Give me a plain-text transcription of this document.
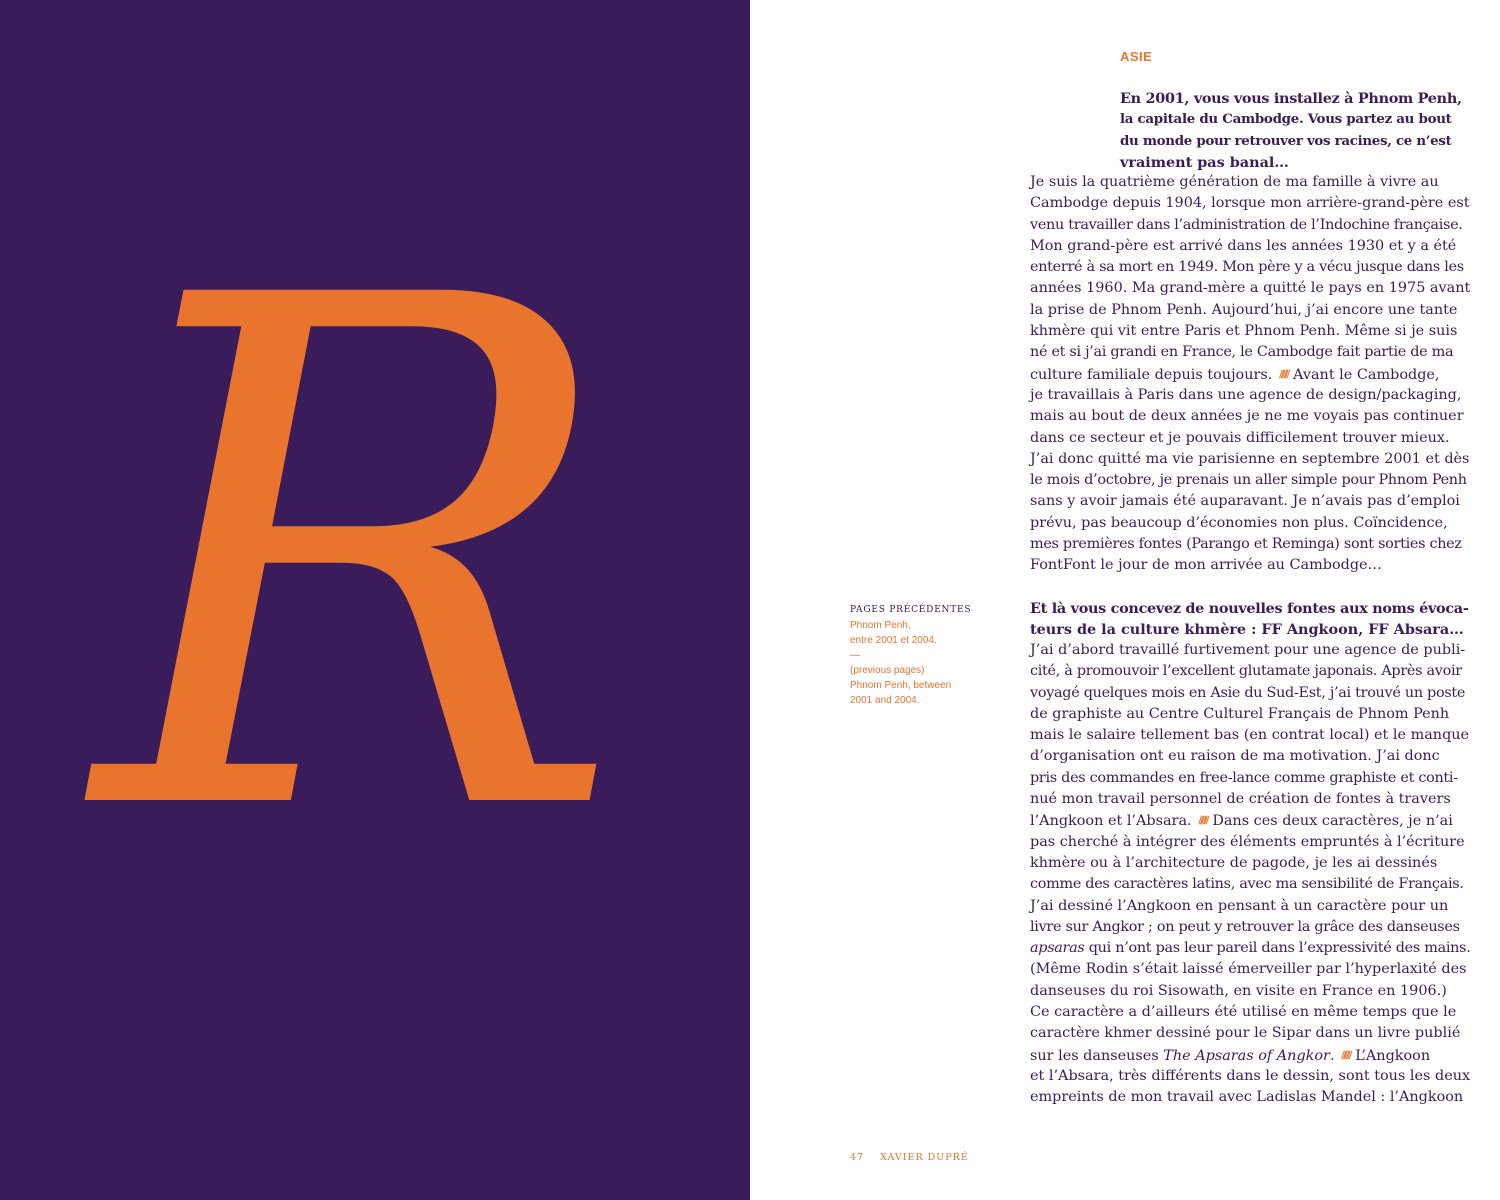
R
ASIE
En 2001, vous vous installez à Phnom Penh,
la capitale du Cambodge. Vous partez au bout
du monde pour retrouver vos racines, ce n’est
vraiment pas banal…
Je suis la quatrième génération de ma famille à vivre au
Cambodge depuis 1904, lorsque mon arrière-grand-père est
venu travailler dans l’administration de l’Indochine française.
Mon grand-père est arrivé dans les années 1930 et y a été
enterré à sa mort en 1949. Mon père y a vécu jusque dans les
années 1960. Ma grand-mère a quitté le pays en 1975 avant
la prise de Phnom Penh. Aujourd’hui, j’ai encore une tante
khmère qui vit entre Paris et Phnom Penh. Même si je suis
né et si j’ai grandi en France, le Cambodge fait partie de ma
culture familiale depuis toujours. ⫽⫽⫽ Avant le Cambodge,
je travaillais à Paris dans une agence de design/packaging,
mais au bout de deux années je ne me voyais pas continuer
dans ce secteur et je pouvais difficilement trouver mieux.
J’ai donc quitté ma vie parisienne en septembre 2001 et dès
le mois d’octobre, je prenais un aller simple pour Phnom Penh
sans y avoir jamais été auparavant. Je n’avais pas d’emploi
prévu, pas beaucoup d’économies non plus. Coïncidence,
mes premières fontes (Parango et Reminga) sont sorties chez
FontFont le jour de mon arrivée au Cambodge…
Et là vous concevez de nouvelles fontes aux noms évoca-
teurs de la culture khmère : FF Angkoon, FF Absara…
J’ai d’abord travaillé furtivement pour une agence de publi-
cité, à promouvoir l’excellent glutamate japonais. Après avoir
voyagé quelques mois en Asie du Sud-Est, j’ai trouvé un poste
de graphiste au Centre Culturel Français de Phnom Penh
mais le salaire tellement bas (en contrat local) et le manque
d’organisation ont eu raison de ma motivation. J’ai donc
pris des commandes en free-lance comme graphiste et conti-
nué mon travail personnel de création de fontes à travers
l’Angkoon et l’Absara. ⫽⫽⫽ Dans ces deux caractères, je n’ai
pas cherché à intégrer des éléments empruntés à l’écriture
khmère ou à l’architecture de pagode, je les ai dessinés
comme des caractères latins, avec ma sensibilité de Français.
J’ai dessiné l’Angkoon en pensant à un caractère pour un
livre sur Angkor ; on peut y retrouver la grâce des danseuses
apsaras qui n’ont pas leur pareil dans l’expressivité des mains.
(Même Rodin s’était laissé émerveiller par l’hyperlaxité des
danseuses du roi Sisowath, en visite en France en 1906.)
Ce caractère a d’ailleurs été utilisé en même temps que le
caractère khmer dessiné pour le Sipar dans un livre publié
sur les danseuses The Apsaras of Angkor. ⫽⫽⫽ L’Angkoon
et l’Absara, très différents dans le dessin, sont tous les deux
empreints de mon travail avec Ladislas Mandel : l’Angkoon
PAGES PRÉCÉDENTES
Phnom Penh,
entre 2001 et 2004.
—
(previous pages)
Phnom Penh, between
2001 and 2004.
47 XAVIER DUPRÉ
